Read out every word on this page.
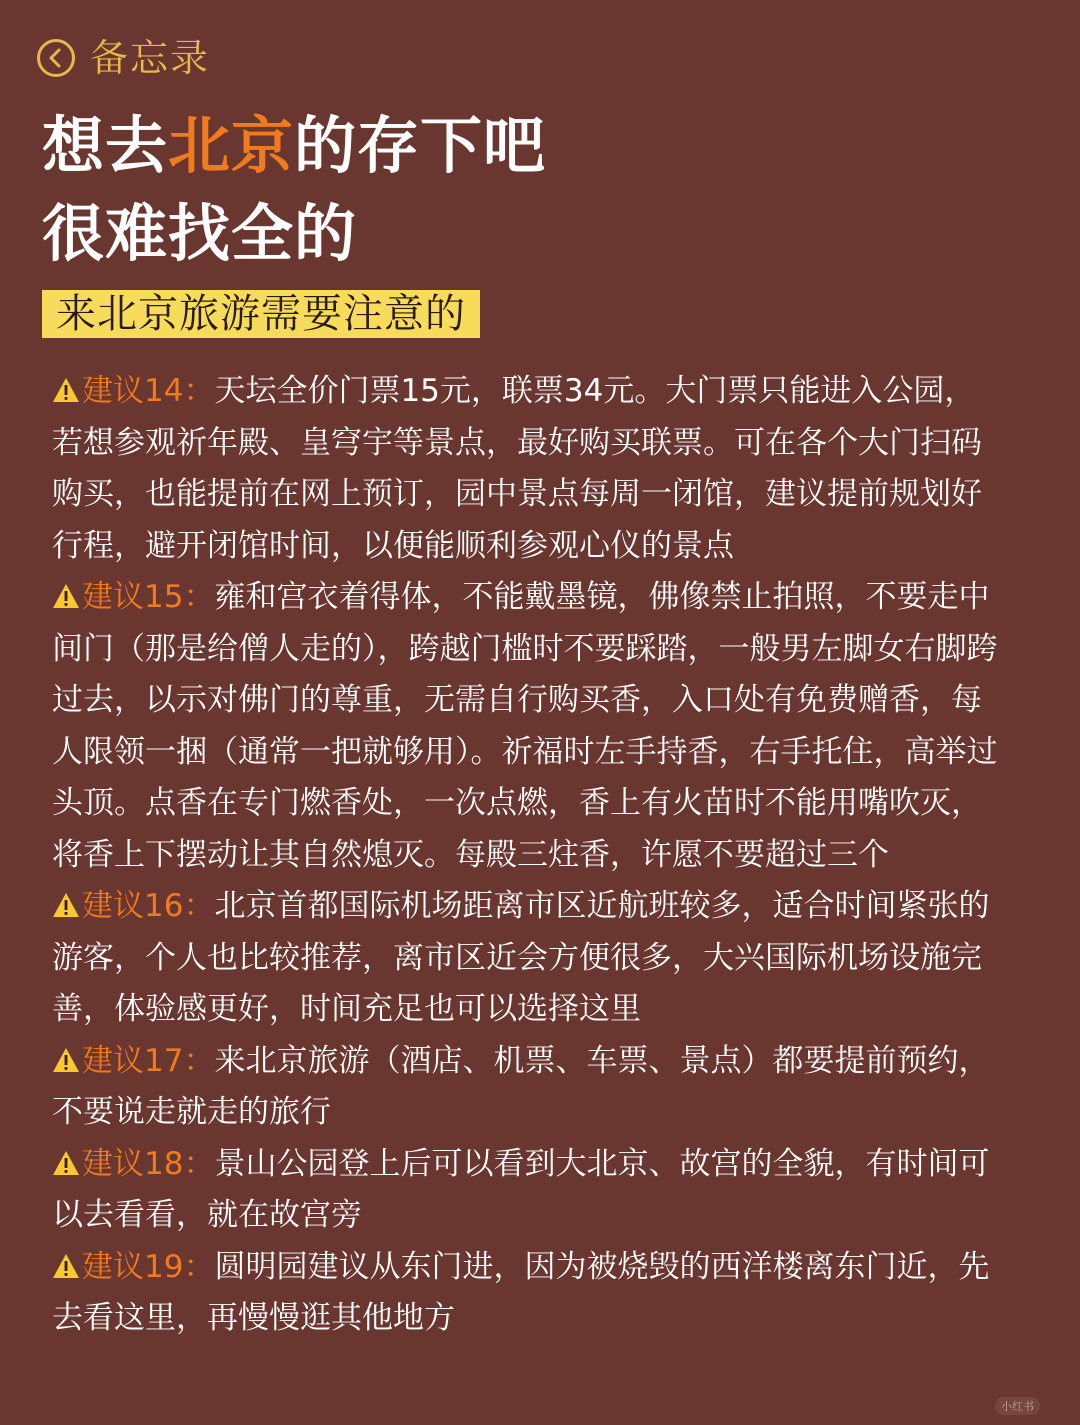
备忘录
想去北京的存下吧
很难找全的
来北京旅游需要注意的

建议14：天坛全价门票15元，联票34元。大门票只能进入公园，若想参观祈年殿、皇穹宇等景点，最好购买联票。可在各个大门扫码购买，也能提前在网上预订，园中景点每周一闭馆，建议提前规划好行程，避开闭馆时间，以便能顺利参观心仪的景点

建议15：雍和宫衣着得体，不能戴墨镜，佛像禁止拍照，不要走中间门（那是给僧人走的），跨越门槛时不要踩踏，一般男左脚女右脚跨过去，以示对佛门的尊重，无需自行购买香，入口处有免费赠香，每人限领一捆（通常一把就够用）。祈福时左手持香，右手托住，高举过头顶。点香在专门燃香处，一次点燃，香上有火苗时不能用嘴吹灭，将香上下摆动让其自然熄灭。每殿三炷香，许愿不要超过三个

建议16：北京首都国际机场距离市区近航班较多，适合时间紧张的游客，个人也比较推荐，离市区近会方便很多，大兴国际机场设施完善，体验感更好，时间充足也可以选择这里

建议17：来北京旅游（酒店、机票、车票、景点）都要提前预约，不要说走就走的旅行

建议18：景山公园登上后可以看到大北京、故宫的全貌，有时间可以去看看，就在故宫旁

建议19：圆明园建议从东门进，因为被烧毁的西洋楼离东门近，先去看这里，再慢慢逛其他地方

小红书
